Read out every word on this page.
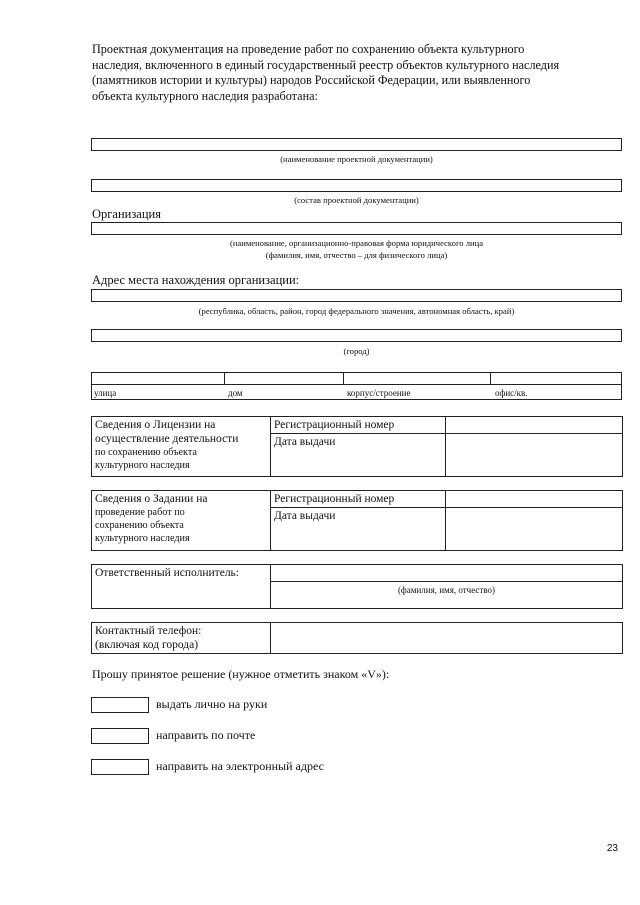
Проектная документация на проведение работ по сохранению объекта культурного
наследия, включенного в единый государственный реестр объектов культурного наследия
(памятников истории и культуры) народов Российской Федерации, или выявленного
объекта культурного наследия разработана:
(наименование проектной документации)
(состав проектной документации)
Организация
(наименование, организационно-правовая форма юридического лица
(фамилия, имя, отчество – для физического лица)
Адрес места нахождения организации:
(республика, область, район, город федерального значения, автономная область, край)
(город)
улица	дом	корпус/строение	офис/кв.
Сведения о Лицензии на
осуществление деятельности
по сохранению объекта
культурного наследия	Регистрационный номер	
	Дата выдачи	
Сведения о Задании на
проведение работ по
сохранению объекта
культурного наследия	Регистрационный номер	
	Дата выдачи	
Ответственный исполнитель:	
	(фамилия, имя, отчество)
Контактный телефон:
(включая код города)

Прошу принятое решение (нужное отметить знаком «V»):
выдать лично на руки
направить по почте
направить на электронный адрес
23
